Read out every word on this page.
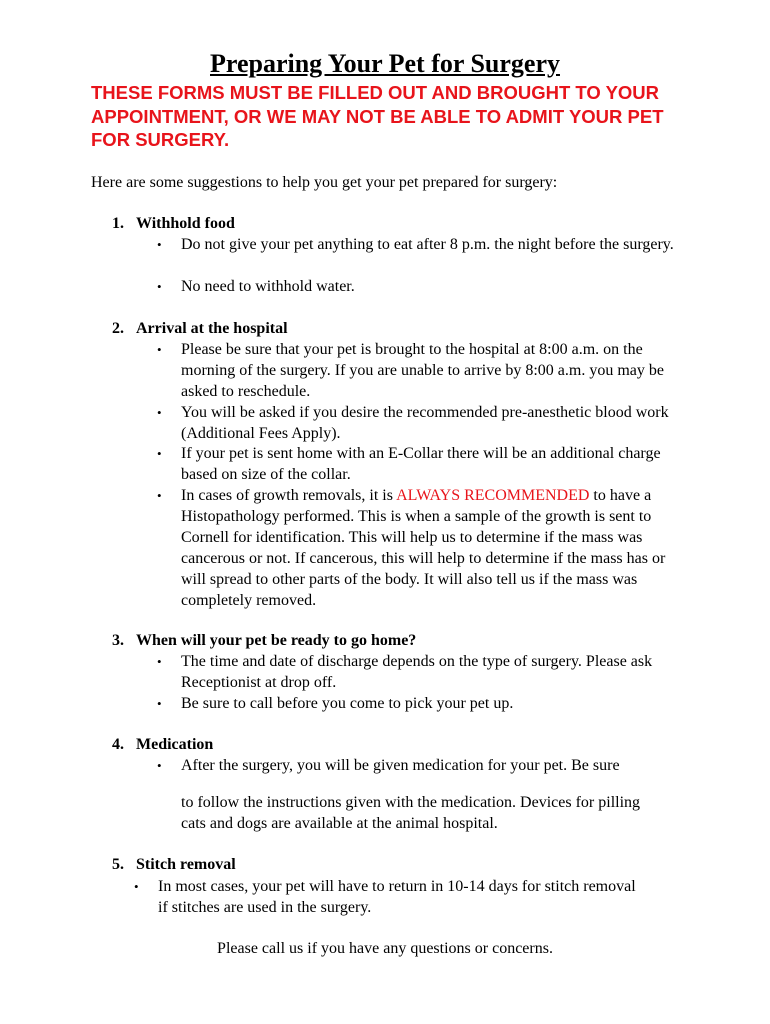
Preparing Your Pet for Surgery
THESE FORMS MUST BE FILLED OUT AND BROUGHT TO YOUR APPOINTMENT, OR WE MAY NOT BE ABLE TO ADMIT YOUR PET FOR SURGERY.
Here are some suggestions to help you get your pet prepared for surgery:
1. Withhold food
• Do not give your pet anything to eat after 8 p.m. the night before the surgery.
• No need to withhold water.
2. Arrival at the hospital
• Please be sure that your pet is brought to the hospital at 8:00 a.m. on the morning of the surgery. If you are unable to arrive by 8:00 a.m. you may be asked to reschedule.
• You will be asked if you desire the recommended pre-anesthetic blood work (Additional Fees Apply).
• If your pet is sent home with an E-Collar there will be an additional charge based on size of the collar.
• In cases of growth removals, it is ALWAYS RECOMMENDED to have a Histopathology performed. This is when a sample of the growth is sent to Cornell for identification. This will help us to determine if the mass was cancerous or not. If cancerous, this will help to determine if the mass has or will spread to other parts of the body. It will also tell us if the mass was completely removed.
3. When will your pet be ready to go home?
• The time and date of discharge depends on the type of surgery. Please ask Receptionist at drop off.
• Be sure to call before you come to pick your pet up.
4. Medication
• After the surgery, you will be given medication for your pet. Be sure
to follow the instructions given with the medication. Devices for pilling cats and dogs are available at the animal hospital.
5. Stitch removal
• In most cases, your pet will have to return in 10-14 days for stitch removal if stitches are used in the surgery.
Please call us if you have any questions or concerns.
